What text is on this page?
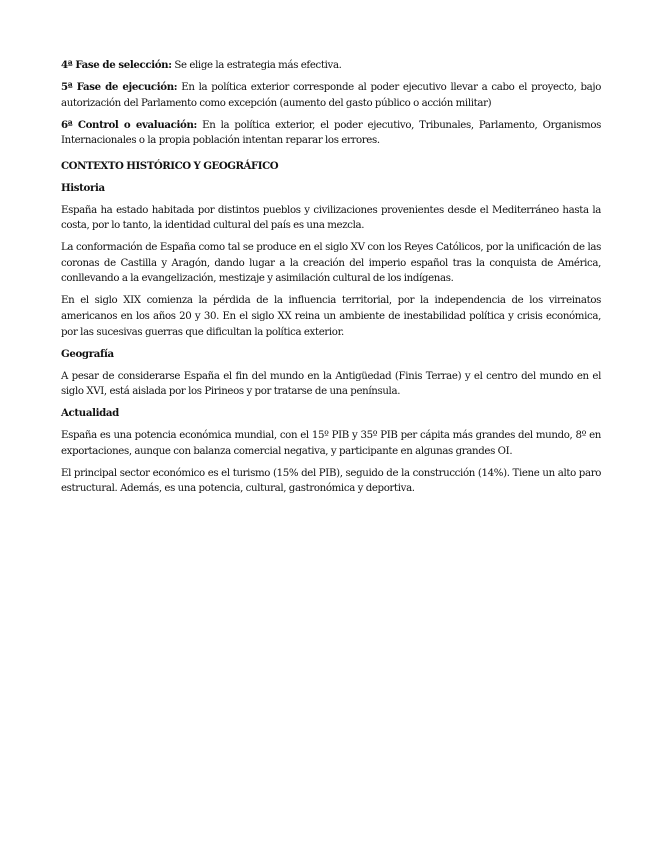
4ª Fase de selección: Se elige la estrategia más efectiva.

5ª Fase de ejecución: En la política exterior corresponde al poder ejecutivo llevar a cabo el proyecto, bajo autorización del Parlamento como excepción (aumento del gasto público o acción militar)

6ª Control o evaluación: En la política exterior, el poder ejecutivo, Tribunales, Parlamento, Organismos Internacionales o la propia población intentan reparar los errores.

CONTEXTO HISTÓRICO Y GEOGRÁFICO
Historia

España ha estado habitada por distintos pueblos y civilizaciones provenientes desde el Mediterráneo hasta la costa, por lo tanto, la identidad cultural del país es una mezcla.

La conformación de España como tal se produce en el siglo XV con los Reyes Católicos, por la unificación de las coronas de Castilla y Aragón, dando lugar a la creación del imperio español tras la conquista de América, conllevando a la evangelización, mestizaje y asimilación cultural de los indígenas.

En el siglo XIX comienza la pérdida de la influencia territorial, por la independencia de los virreinatos americanos en los años 20 y 30. En el siglo XX reina un ambiente de inestabilidad política y crisis económica, por las sucesivas guerras que dificultan la política exterior.

Geografía

A pesar de considerarse España el fin del mundo en la Antigüedad (Finis Terrae) y el centro del mundo en el siglo XVI, está aislada por los Pirineos y por tratarse de una península.

Actualidad

España es una potencia económica mundial, con el 15º PIB y 35º PIB per cápita más grandes del mundo, 8º en exportaciones, aunque con balanza comercial negativa, y participante en algunas grandes OI.

El principal sector económico es el turismo (15% del PIB), seguido de la construcción (14%). Tiene un alto paro estructural. Además, es una potencia, cultural, gastronómica y deportiva.
